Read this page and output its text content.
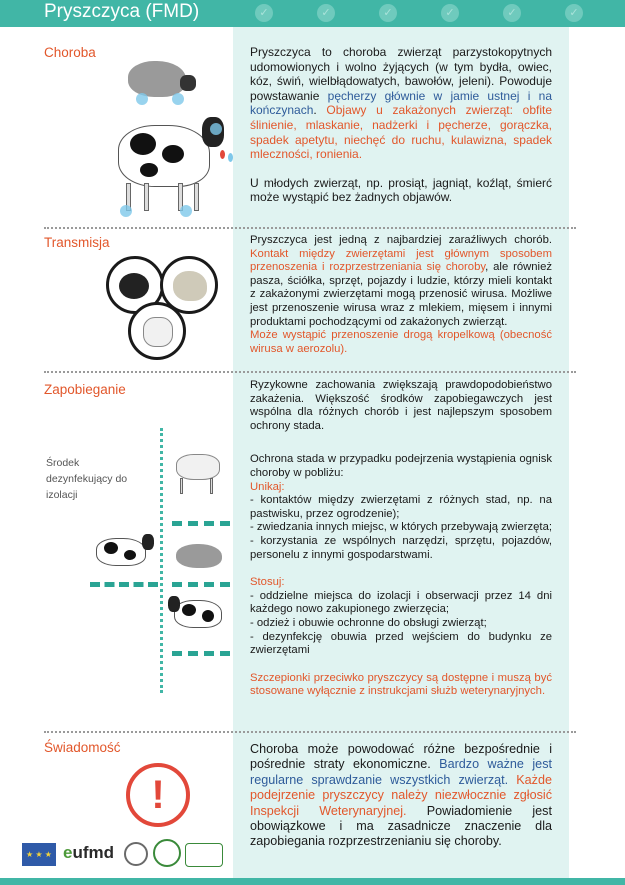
Pryszczyca (FMD)	✓	✓	✓	✓	✓	✓
Choroba	Pryszczyca to choroba zwierząt parzystokopytnych udomowionych i wolno żyjących (w tym bydła, owiec, kóz, świń, wielbłądowatych, bawołów, jeleni). Powoduje powstawanie pęcherzy głównie w jamie ustnej i na kończynach. Objawy u zakażonych zwierząt: obfite ślinienie, mlaskanie, nadżerki i pęcherze, gorączka, spadek apetytu, niechęć do ruchu, kulawizna, spadek mleczności, ronienia.

U młodych zwierząt, np. prosiąt, jagniąt, koźląt, śmierć może wystąpić bez żadnych objawów.

Transmisja	Pryszczyca jest jedną z najbardziej zaraźliwych chorób. Kontakt między zwierzętami jest głównym sposobem przenoszenia i rozprzestrzeniania się choroby, ale również pasza, ściółka, sprzęt, pojazdy i ludzie, którzy mieli kontakt z zakażonymi zwierzętami mogą przenosić wirusa. Możliwe jest przenoszenie wirusa wraz z mlekiem, mięsem i innymi produktami pochodzącymi od zakażonych zwierząt.

Może wystąpić przenoszenie drogą kropelkową (obecność wirusa w aerozolu).

Zapobieganie
Środek dezynfekujący do izolacji

Ryzykowne zachowania zwiększają prawdopodobieństwo zakażenia. Większość środków zapobiegawczych jest wspólna dla różnych chorób i jest najlepszym sposobem ochrony stada.

Ochrona stada w przypadku podejrzenia wystąpienia ognisk choroby w pobliżu:

Unikaj:

- kontaktów między zwierzętami z różnych stad, np. na pastwisku, przez ogrodzenie);

- zwiedzania innych miejsc, w których przebywają zwierzęta;

- korzystania ze wspólnych narzędzi, sprzętu, pojazdów, personelu z innymi gospodarstwami.

Stosuj:

- oddzielne miejsca do izolacji i obserwacji przez 14 dni każdego nowo zakupionego zwierzęcia;

- odzież i obuwie ochronne do obsługi zwierząt;

- dezynfekcję obuwia przed wejściem do budynku ze zwierzętami

Szczepionki przeciwko pryszczycy są dostępne i muszą być stosowane wyłącznie z instrukcjami służb weterynaryjnych.

Świadomość
!

Choroba może powodować różne bezpośrednie i pośrednie straty ekonomiczne. Bardzo ważne jest regularne sprawdzanie wszystkich zwierząt. Każde podejrzenie pryszczycy należy niezwłocznie zgłosić Inspekcji Weterynaryjnej. Powiadomienie jest obowiązkowe i ma zasadnicze znaczenie dla zapobiegania rozprzestrzenianiu się choroby.

★ ★ ★ eufmd
